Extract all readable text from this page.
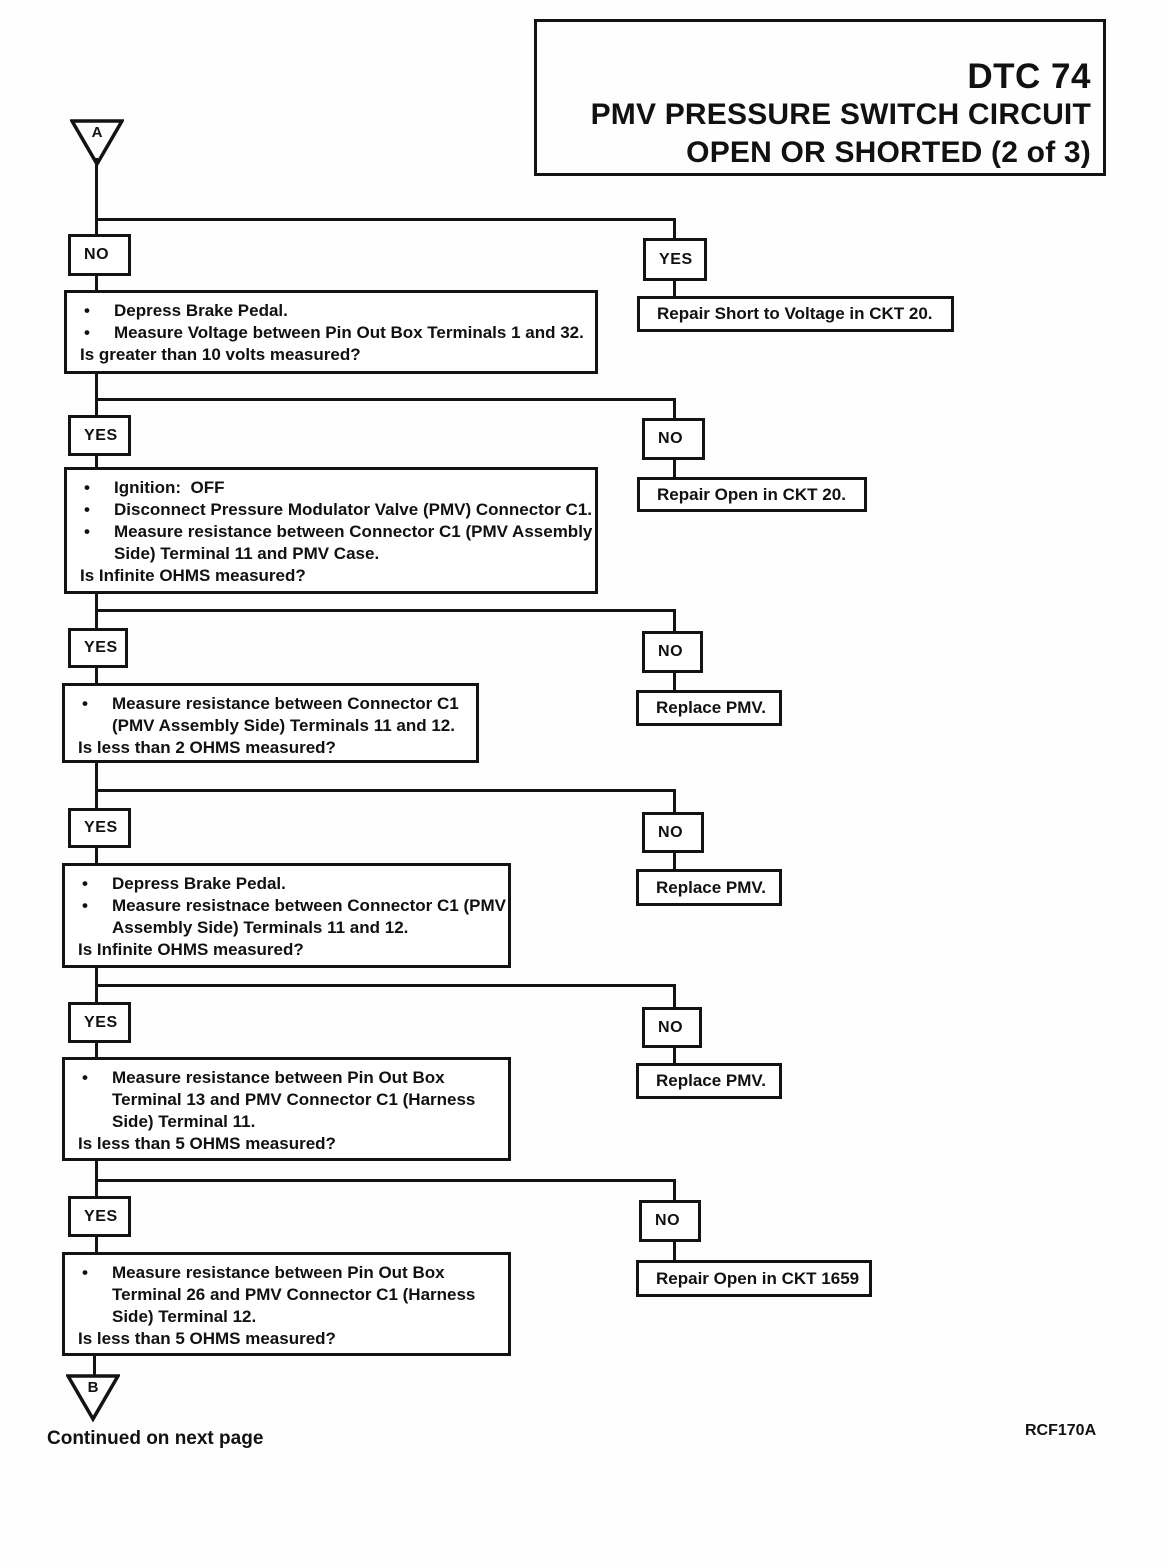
DTC 74
PMV PRESSURE SWITCH CIRCUIT
OPEN OR SHORTED (2 of 3)
A
NO	YES
Repair Short to Voltage in CKT 20.
•	Depress Brake Pedal.
•	Measure Voltage between Pin Out Box Terminals 1 and 32.
Is greater than 10 volts measured?
YES	NO
Repair Open in CKT 20.
•	Ignition:  OFF
•	Disconnect Pressure Modulator Valve (PMV) Connector C1.
•	Measure resistance between Connector C1 (PMV Assembly Side) Terminal 11 and PMV Case.
Is Infinite OHMS measured?
YES	NO
Replace PMV.
•	Measure resistance between Connector C1 (PMV Assembly Side) Terminals 11 and 12.
Is less than 2 OHMS measured?
YES	NO
Replace PMV.
•	Depress Brake Pedal.
•	Measure resistnace between Connector C1 (PMV Assembly Side) Terminals 11 and 12.
Is Infinite OHMS measured?
YES	NO
Replace PMV.
•	Measure resistance between Pin Out Box Terminal 13 and PMV Connector C1 (Harness Side) Terminal 11.
Is less than 5 OHMS measured?
YES	NO
Repair Open in CKT 1659
•	Measure resistance between Pin Out Box Terminal 26 and PMV Connector C1 (Harness Side) Terminal 12.
Is less than 5 OHMS measured?
B
Continued on next page	RCF170A
